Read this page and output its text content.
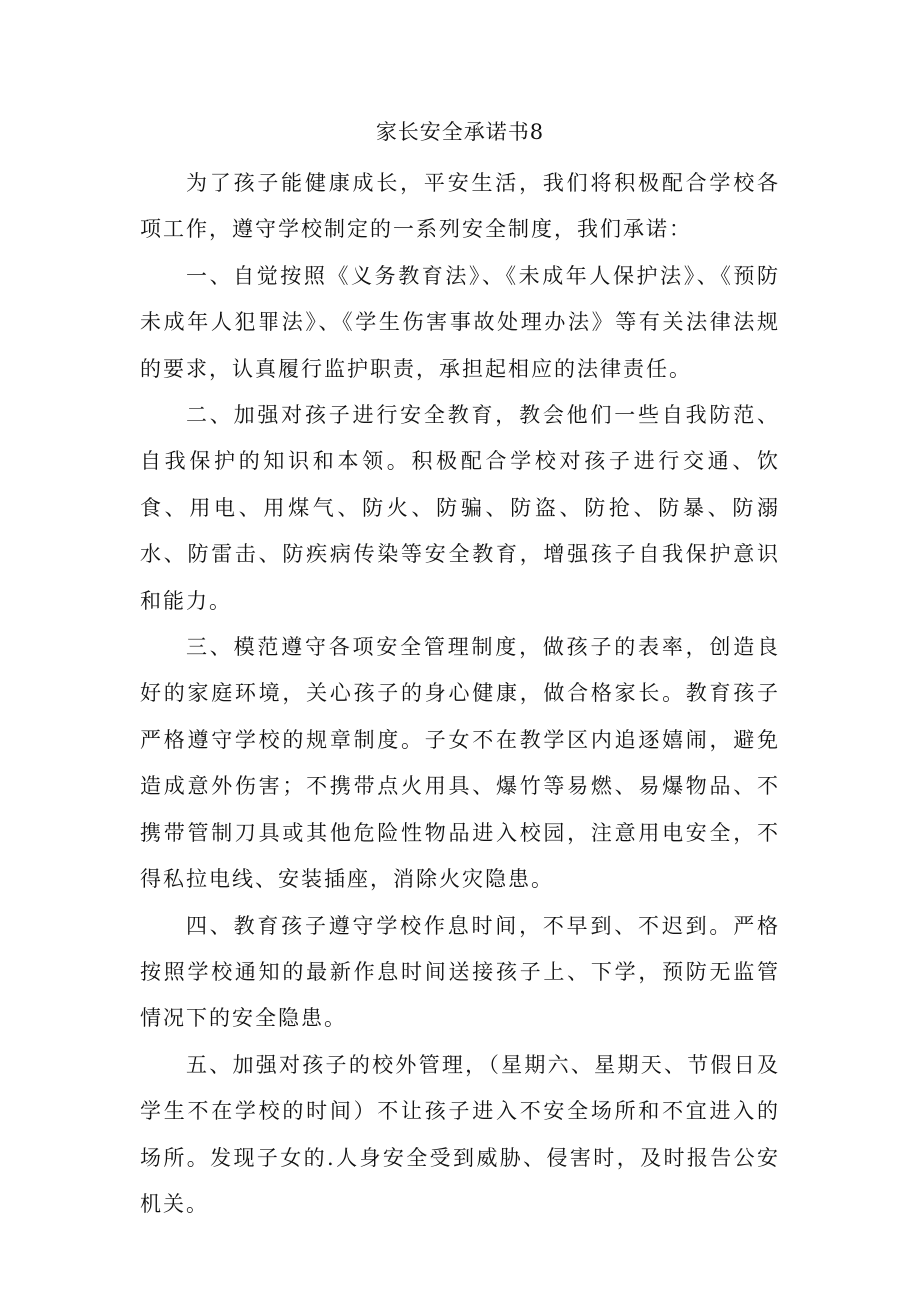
家长安全承诺书8

为了孩子能健康成长，平安生活，我们将积极配合学校各项工作，遵守学校制定的一系列安全制度，我们承诺：

一、自觉按照《义务教育法》、《未成年人保护法》、《预防未成年人犯罪法》、《学生伤害事故处理办法》等有关法律法规的要求，认真履行监护职责，承担起相应的法律责任。

二、加强对孩子进行安全教育，教会他们一些自我防范、自我保护的知识和本领。积极配合学校对孩子进行交通、饮食、用电、用煤气、防火、防骗、防盗、防抢、防暴、防溺水、防雷击、防疾病传染等安全教育，增强孩子自我保护意识和能力。

三、模范遵守各项安全管理制度，做孩子的表率，创造良好的家庭环境，关心孩子的身心健康，做合格家长。教育孩子严格遵守学校的规章制度。子女不在教学区内追逐嬉闹，避免造成意外伤害；不携带点火用具、爆竹等易燃、易爆物品、不携带管制刀具或其他危险性物品进入校园，注意用电安全，不得私拉电线、安装插座，消除火灾隐患。

四、教育孩子遵守学校作息时间，不早到、不迟到。严格按照学校通知的最新作息时间送接孩子上、下学，预防无监管情况下的安全隐患。

五、加强对孩子的校外管理，（星期六、星期天、节假日及学生不在学校的时间）不让孩子进入不安全场所和不宜进入的场所。发现子女的.人身安全受到威胁、侵害时，及时报告公安机关。
